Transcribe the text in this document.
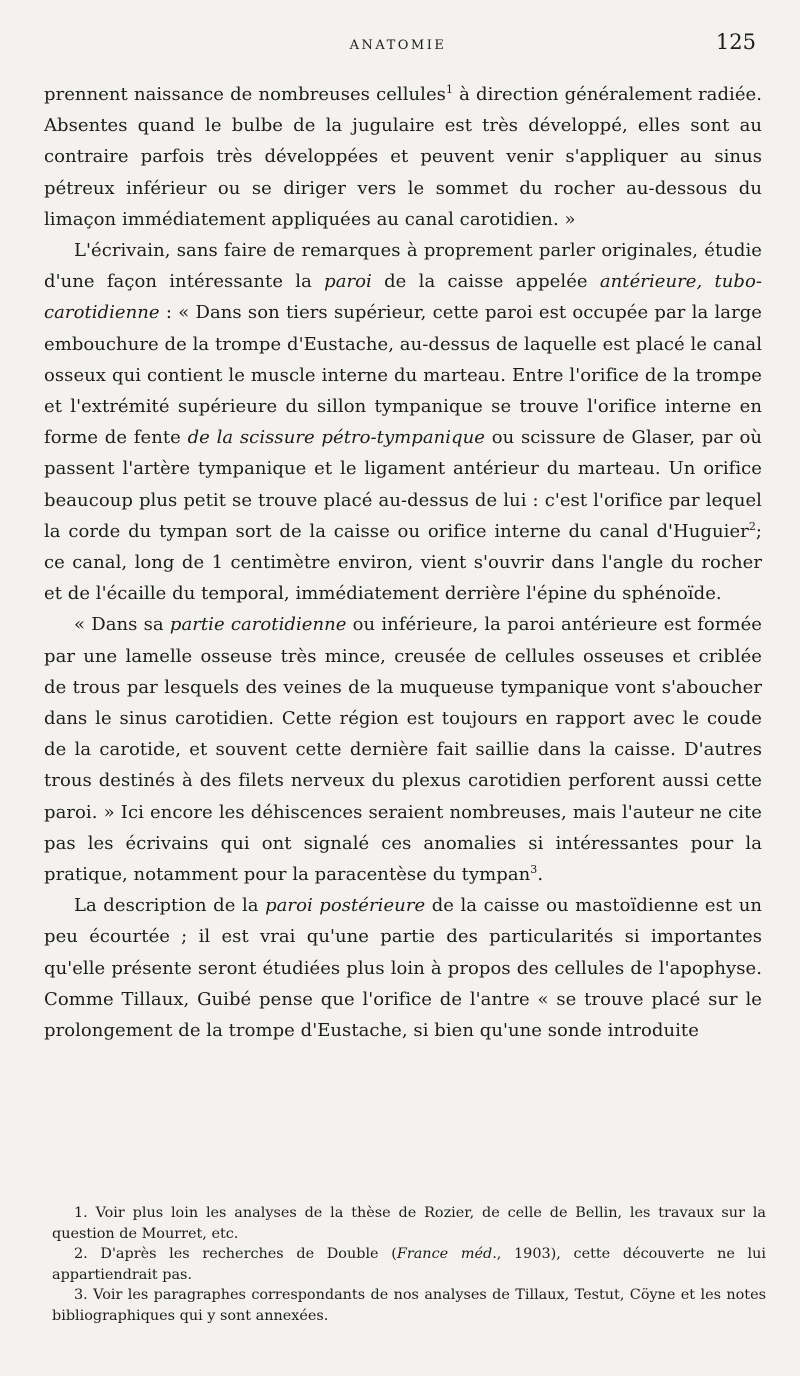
ANATOMIE	125

prennent naissance de nombreuses cellules$^1$ à direction généralement radiée. Absentes quand le bulbe de la jugulaire est très développé, elles sont au contraire parfois très développées et peuvent venir s'appliquer au sinus pétreux inférieur ou se diriger vers le sommet du rocher au-dessous du limaçon immédiatement appliquées au canal carotidien. »

L'écrivain, sans faire de remarques à proprement parler originales, étudie d'une façon intéressante la paroi de la caisse appelée antérieure, tubo-carotidienne : « Dans son tiers supérieur, cette paroi est occupée par la large embouchure de la trompe d'Eustache, au-dessus de laquelle est placé le canal osseux qui contient le muscle interne du marteau. Entre l'orifice de la trompe et l'extrémité supérieure du sillon tympanique se trouve l'orifice interne en forme de fente de la scissure pétro-tympanique ou scissure de Glaser, par où passent l'artère tympanique et le ligament antérieur du marteau. Un orifice beaucoup plus petit se trouve placé au-dessus de lui : c'est l'orifice par lequel la corde du tympan sort de la caisse ou orifice interne du canal d'Huguier$^2$; ce canal, long de 1 centimètre environ, vient s'ouvrir dans l'angle du rocher et de l'écaille du temporal, immédiatement derrière l'épine du sphénoïde.

« Dans sa partie carotidienne ou inférieure, la paroi antérieure est formée par une lamelle osseuse très mince, creusée de cellules osseuses et criblée de trous par lesquels des veines de la muqueuse tympanique vont s'aboucher dans le sinus carotidien. Cette région est toujours en rapport avec le coude de la carotide, et souvent cette dernière fait saillie dans la caisse. D'autres trous destinés à des filets nerveux du plexus carotidien perforent aussi cette paroi. » Ici encore les déhiscences seraient nombreuses, mais l'auteur ne cite pas les écrivains qui ont signalé ces anomalies si intéressantes pour la pratique, notamment pour la paracentèse du tympan$^3$.

La description de la paroi postérieure de la caisse ou mastoïdienne est un peu écourtée ; il est vrai qu'une partie des particularités si importantes qu'elle présente seront étudiées plus loin à propos des cellules de l'apophyse. Comme Tillaux, Guibé pense que l'orifice de l'antre « se trouve placé sur le prolongement de la trompe d'Eustache, si bien qu'une sonde introduite

1. Voir plus loin les analyses de la thèse de Rozier, de celle de Bellin, les travaux sur la question de Mourret, etc.

2. D'après les recherches de Double (France méd., 1903), cette découverte ne lui appartiendrait pas.

3. Voir les paragraphes correspondants de nos analyses de Tillaux, Testut, Cöyne et les notes bibliographiques qui y sont annexées.
